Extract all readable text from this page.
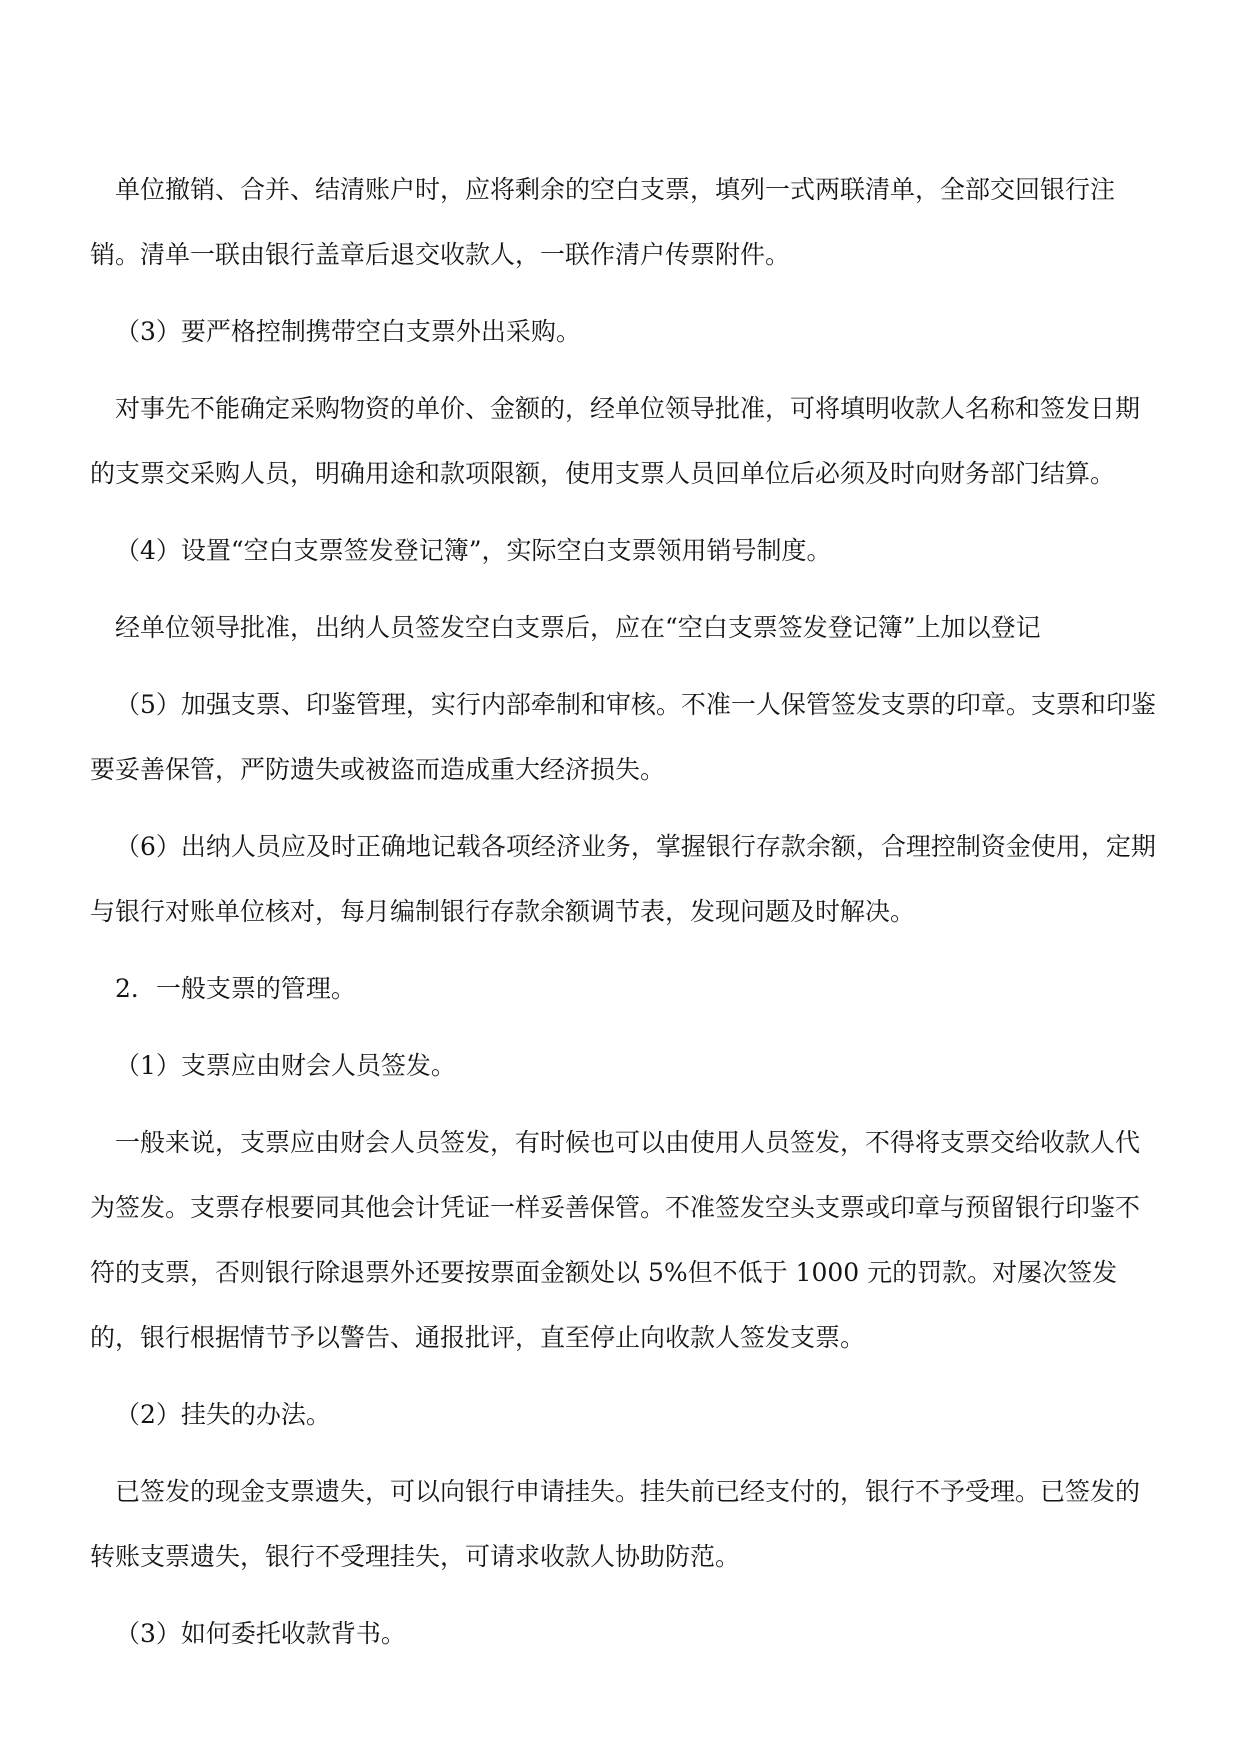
单位撤销、合并、结清账户时，应将剩余的空白支票，填列一式两联清单，全部交回银行注销。清单一联由银行盖章后退交收款人，一联作清户传票附件。

（3）要严格控制携带空白支票外出采购。

对事先不能确定采购物资的单价、金额的，经单位领导批准，可将填明收款人名称和签发日期的支票交采购人员，明确用途和款项限额，使用支票人员回单位后必须及时向财务部门结算。

（4）设置“空白支票签发登记簿”，实际空白支票领用销号制度。

经单位领导批准，出纳人员签发空白支票后，应在“空白支票签发登记簿”上加以登记

（5）加强支票、印鉴管理，实行内部牵制和审核。不准一人保管签发支票的印章。支票和印鉴要妥善保管，严防遗失或被盗而造成重大经济损失。

（6）出纳人员应及时正确地记载各项经济业务，掌握银行存款余额，合理控制资金使用，定期与银行对账单位核对，每月编制银行存款余额调节表，发现问题及时解决。

2．一般支票的管理。

（1）支票应由财会人员签发。

一般来说，支票应由财会人员签发，有时候也可以由使用人员签发，不得将支票交给收款人代为签发。支票存根要同其他会计凭证一样妥善保管。不准签发空头支票或印章与预留银行印鉴不符的支票，否则银行除退票外还要按票面金额处以 5%但不低于 1000 元的罚款。对屡次签发的，银行根据情节予以警告、通报批评，直至停止向收款人签发支票。

（2）挂失的办法。

已签发的现金支票遗失，可以向银行申请挂失。挂失前已经支付的，银行不予受理。已签发的转账支票遗失，银行不受理挂失，可请求收款人协助防范。

（3）如何委托收款背书。
